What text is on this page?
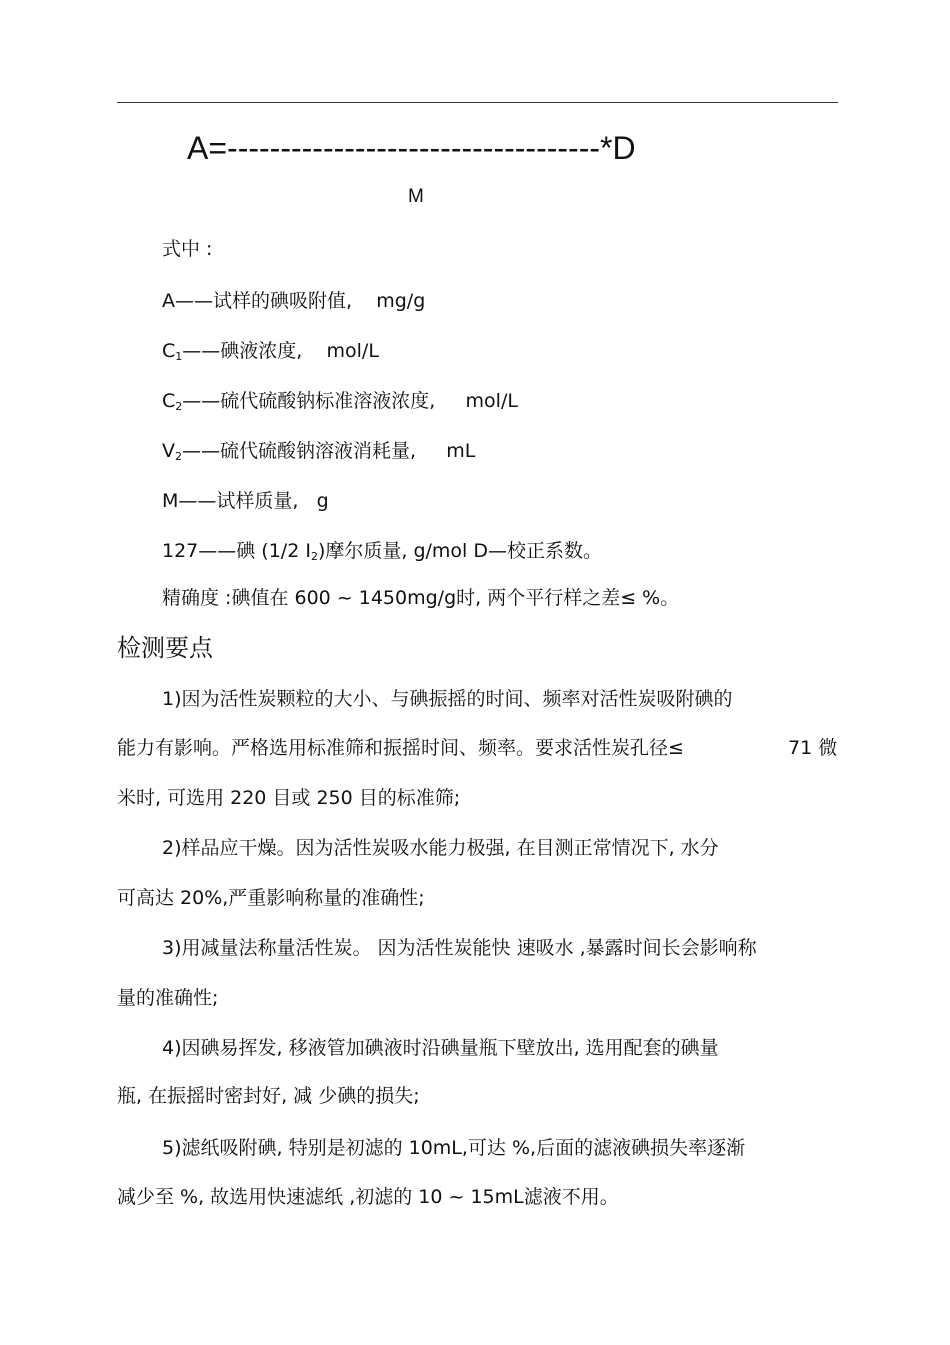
A=-----------------------------------*D
M
式中 :
A——试样的碘吸附值, mg/g
$C_1——$碘液浓度, mol/L
$C_2——$硫代硫酸钠标准溶液浓度, mol/L
$V_2——$硫代硫酸钠溶液消耗量, mL
M——试样质量, g
127——碘 (1/2 $I_2$)摩尔质量, g/mol D—校正系数。
精确度 :碘值在 600 ~ 1450mg/g时, 两个平行样之差≤ %。
检测要点
1)因为活性炭颗粒的大小、与碘振摇的时间、频率对活性炭吸附碘的
能力有影响。严格选用标准筛和振摇时间、频率。要求活性炭孔径≤	71 微
米时, 可选用 220 目或 250 目的标准筛;
2)样品应干燥。因为活性炭吸水能力极强, 在目测正常情况下, 水分
可高达 20%,严重影响称量的准确性;
3)用减量法称量活性炭。 因为活性炭能快 速吸水 ,暴露时间长会影响称
量的准确性;
4)因碘易挥发, 移液管加碘液时沿碘量瓶下壁放出, 选用配套的碘量
瓶, 在振摇时密封好, 减 少碘的损失;
5)滤纸吸附碘, 特别是初滤的 10mL,可达 %,后面的滤液碘损失率逐渐
减少至 %, 故选用快速滤纸 ,初滤的 10 ~ 15mL滤液不用。
